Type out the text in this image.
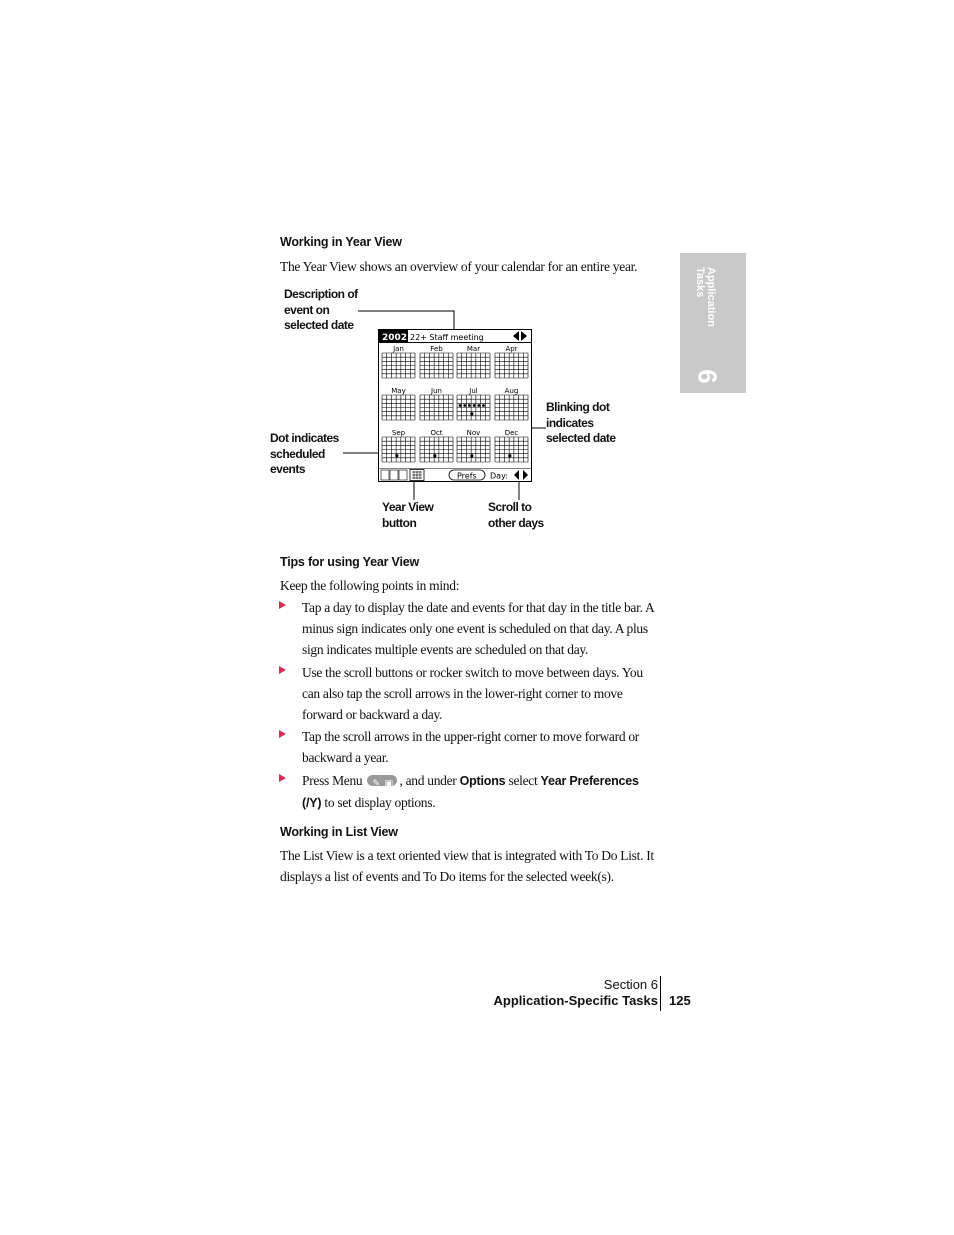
Application
Tasks
6
Working in Year View
The Year View shows an overview of your calendar for an entire year.
Description of
event on
selected date
Blinking dot
indicates
selected date
Dot indicates
scheduled
events
Year View
button
Scroll to
other days
2002 22+ Staff meeting
Jan	Feb	Mar	Apr
May	Jun	Jul	Aug
Sep	Oct	Nov	Dec
Prefs Day:
Tips for using Year View
Keep the following points in mind:
Tap a day to display the date and events for that day in the title bar. A minus sign indicates only one event is scheduled on that day. A plus sign indicates multiple events are scheduled on that day.
Use the scroll buttons or rocker switch to move between days. You can also tap the scroll arrows in the lower-right corner to move forward or backward a day.
Tap the scroll arrows in the upper-right corner to move forward or backward a year.
Press Menu ✎ ▣ , and under Options select Year Preferences
(/Y) to set display options.
Working in List View
The List View is a text oriented view that is integrated with To Do List. It displays a list of events and To Do items for the selected week(s).
Section 6
Application-Specific Tasks 125
